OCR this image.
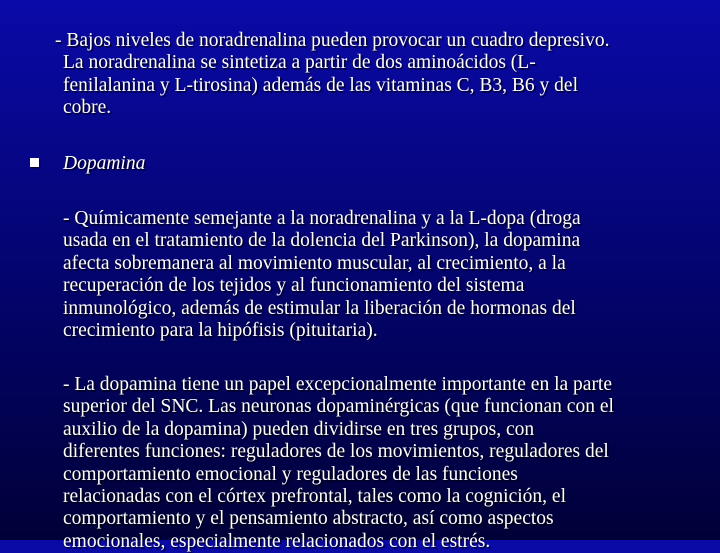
- Bajos niveles de noradrenalina pueden provocar un cuadro depresivo.
La noradrenalina se sintetiza a partir de dos aminoácidos (L-
fenilalanina y L-tirosina) además de las vitaminas C, B3, B6 y del
cobre.
Dopamina
- Químicamente semejante a la noradrenalina y a la L-dopa (droga
usada en el tratamiento de la dolencia del Parkinson), la dopamina
afecta sobremanera al movimiento muscular, al crecimiento, a la
recuperación de los tejidos y al funcionamiento del sistema
inmunológico, además de estimular la liberación de hormonas del
crecimiento para la hipófisis (pituitaria).
- La dopamina tiene un papel excepcionalmente importante en la parte
superior del SNC. Las neuronas dopaminérgicas (que funcionan con el
auxilio de la dopamina) pueden dividirse en tres grupos, con
diferentes funciones: reguladores de los movimientos, reguladores del
comportamiento emocional y reguladores de las funciones
relacionadas con el córtex prefrontal, tales como la cognición, el
comportamiento y el pensamiento abstracto, así como aspectos
emocionales, especialmente relacionados con el estrés.
